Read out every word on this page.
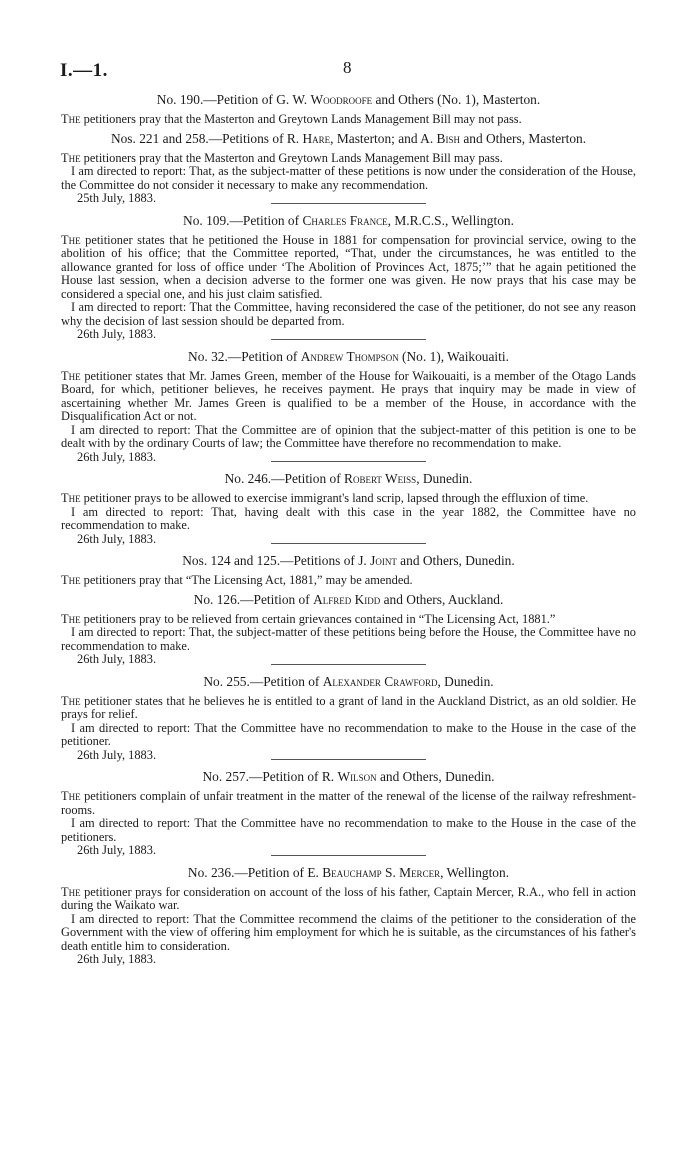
I.—1.	8
No. 190.—Petition of G. W. Woodroofe and Others (No. 1), Masterton.

The petitioners pray that the Masterton and Greytown Lands Management Bill may not pass.

Nos. 221 and 258.—Petitions of R. Hare, Masterton; and A. Bish and Others, Masterton.

The petitioners pray that the Masterton and Greytown Lands Management Bill may pass.

I am directed to report: That, as the subject-matter of these petitions is now under the consideration of the House, the Committee do not consider it necessary to make any recommendation.

25th July, 1883.

No. 109.—Petition of Charles France, M.R.C.S., Wellington.

The petitioner states that he petitioned the House in 1881 for compensation for provincial service, owing to the abolition of his office; that the Committee reported, “That, under the circumstances, he was entitled to the allowance granted for loss of office under ‘The Abolition of Provinces Act, 1875;’” that he again petitioned the House last session, when a decision adverse to the former one was given. He now prays that his case may be considered a special one, and his just claim satisfied.

I am directed to report: That the Committee, having reconsidered the case of the petitioner, do not see any reason why the decision of last session should be departed from.

26th July, 1883.

No. 32.—Petition of Andrew Thompson (No. 1), Waikouaiti.

The petitioner states that Mr. James Green, member of the House for Waikouaiti, is a member of the Otago Lands Board, for which, petitioner believes, he receives payment. He prays that inquiry may be made in view of ascertaining whether Mr. James Green is qualified to be a member of the House, in accordance with the Disqualification Act or not.

I am directed to report: That the Committee are of opinion that the subject-matter of this petition is one to be dealt with by the ordinary Courts of law; the Committee have therefore no recommendation to make.

26th July, 1883.

No. 246.—Petition of Robert Weiss, Dunedin.

The petitioner prays to be allowed to exercise immigrant's land scrip, lapsed through the effluxion of time.

I am directed to report: That, having dealt with this case in the year 1882, the Committee have no recommendation to make.

26th July, 1883.

Nos. 124 and 125.—Petitions of J. Joint and Others, Dunedin.

The petitioners pray that “The Licensing Act, 1881,” may be amended.

No. 126.—Petition of Alfred Kidd and Others, Auckland.

The petitioners pray to be relieved from certain grievances contained in “The Licensing Act, 1881.”

I am directed to report: That, the subject-matter of these petitions being before the House, the Committee have no recommendation to make.

26th July, 1883.

No. 255.—Petition of Alexander Crawford, Dunedin.

The petitioner states that he believes he is entitled to a grant of land in the Auckland District, as an old soldier. He prays for relief.

I am directed to report: That the Committee have no recommendation to make to the House in the case of the petitioner.

26th July, 1883.

No. 257.—Petition of R. Wilson and Others, Dunedin.

The petitioners complain of unfair treatment in the matter of the renewal of the license of the railway refreshment-rooms.

I am directed to report: That the Committee have no recommendation to make to the House in the case of the petitioners.

26th July, 1883.

No. 236.—Petition of E. Beauchamp S. Mercer, Wellington.

The petitioner prays for consideration on account of the loss of his father, Captain Mercer, R.A., who fell in action during the Waikato war.

I am directed to report: That the Committee recommend the claims of the petitioner to the consideration of the Government with the view of offering him employment for which he is suitable, as the circumstances of his father's death entitle him to consideration.

26th July, 1883.
